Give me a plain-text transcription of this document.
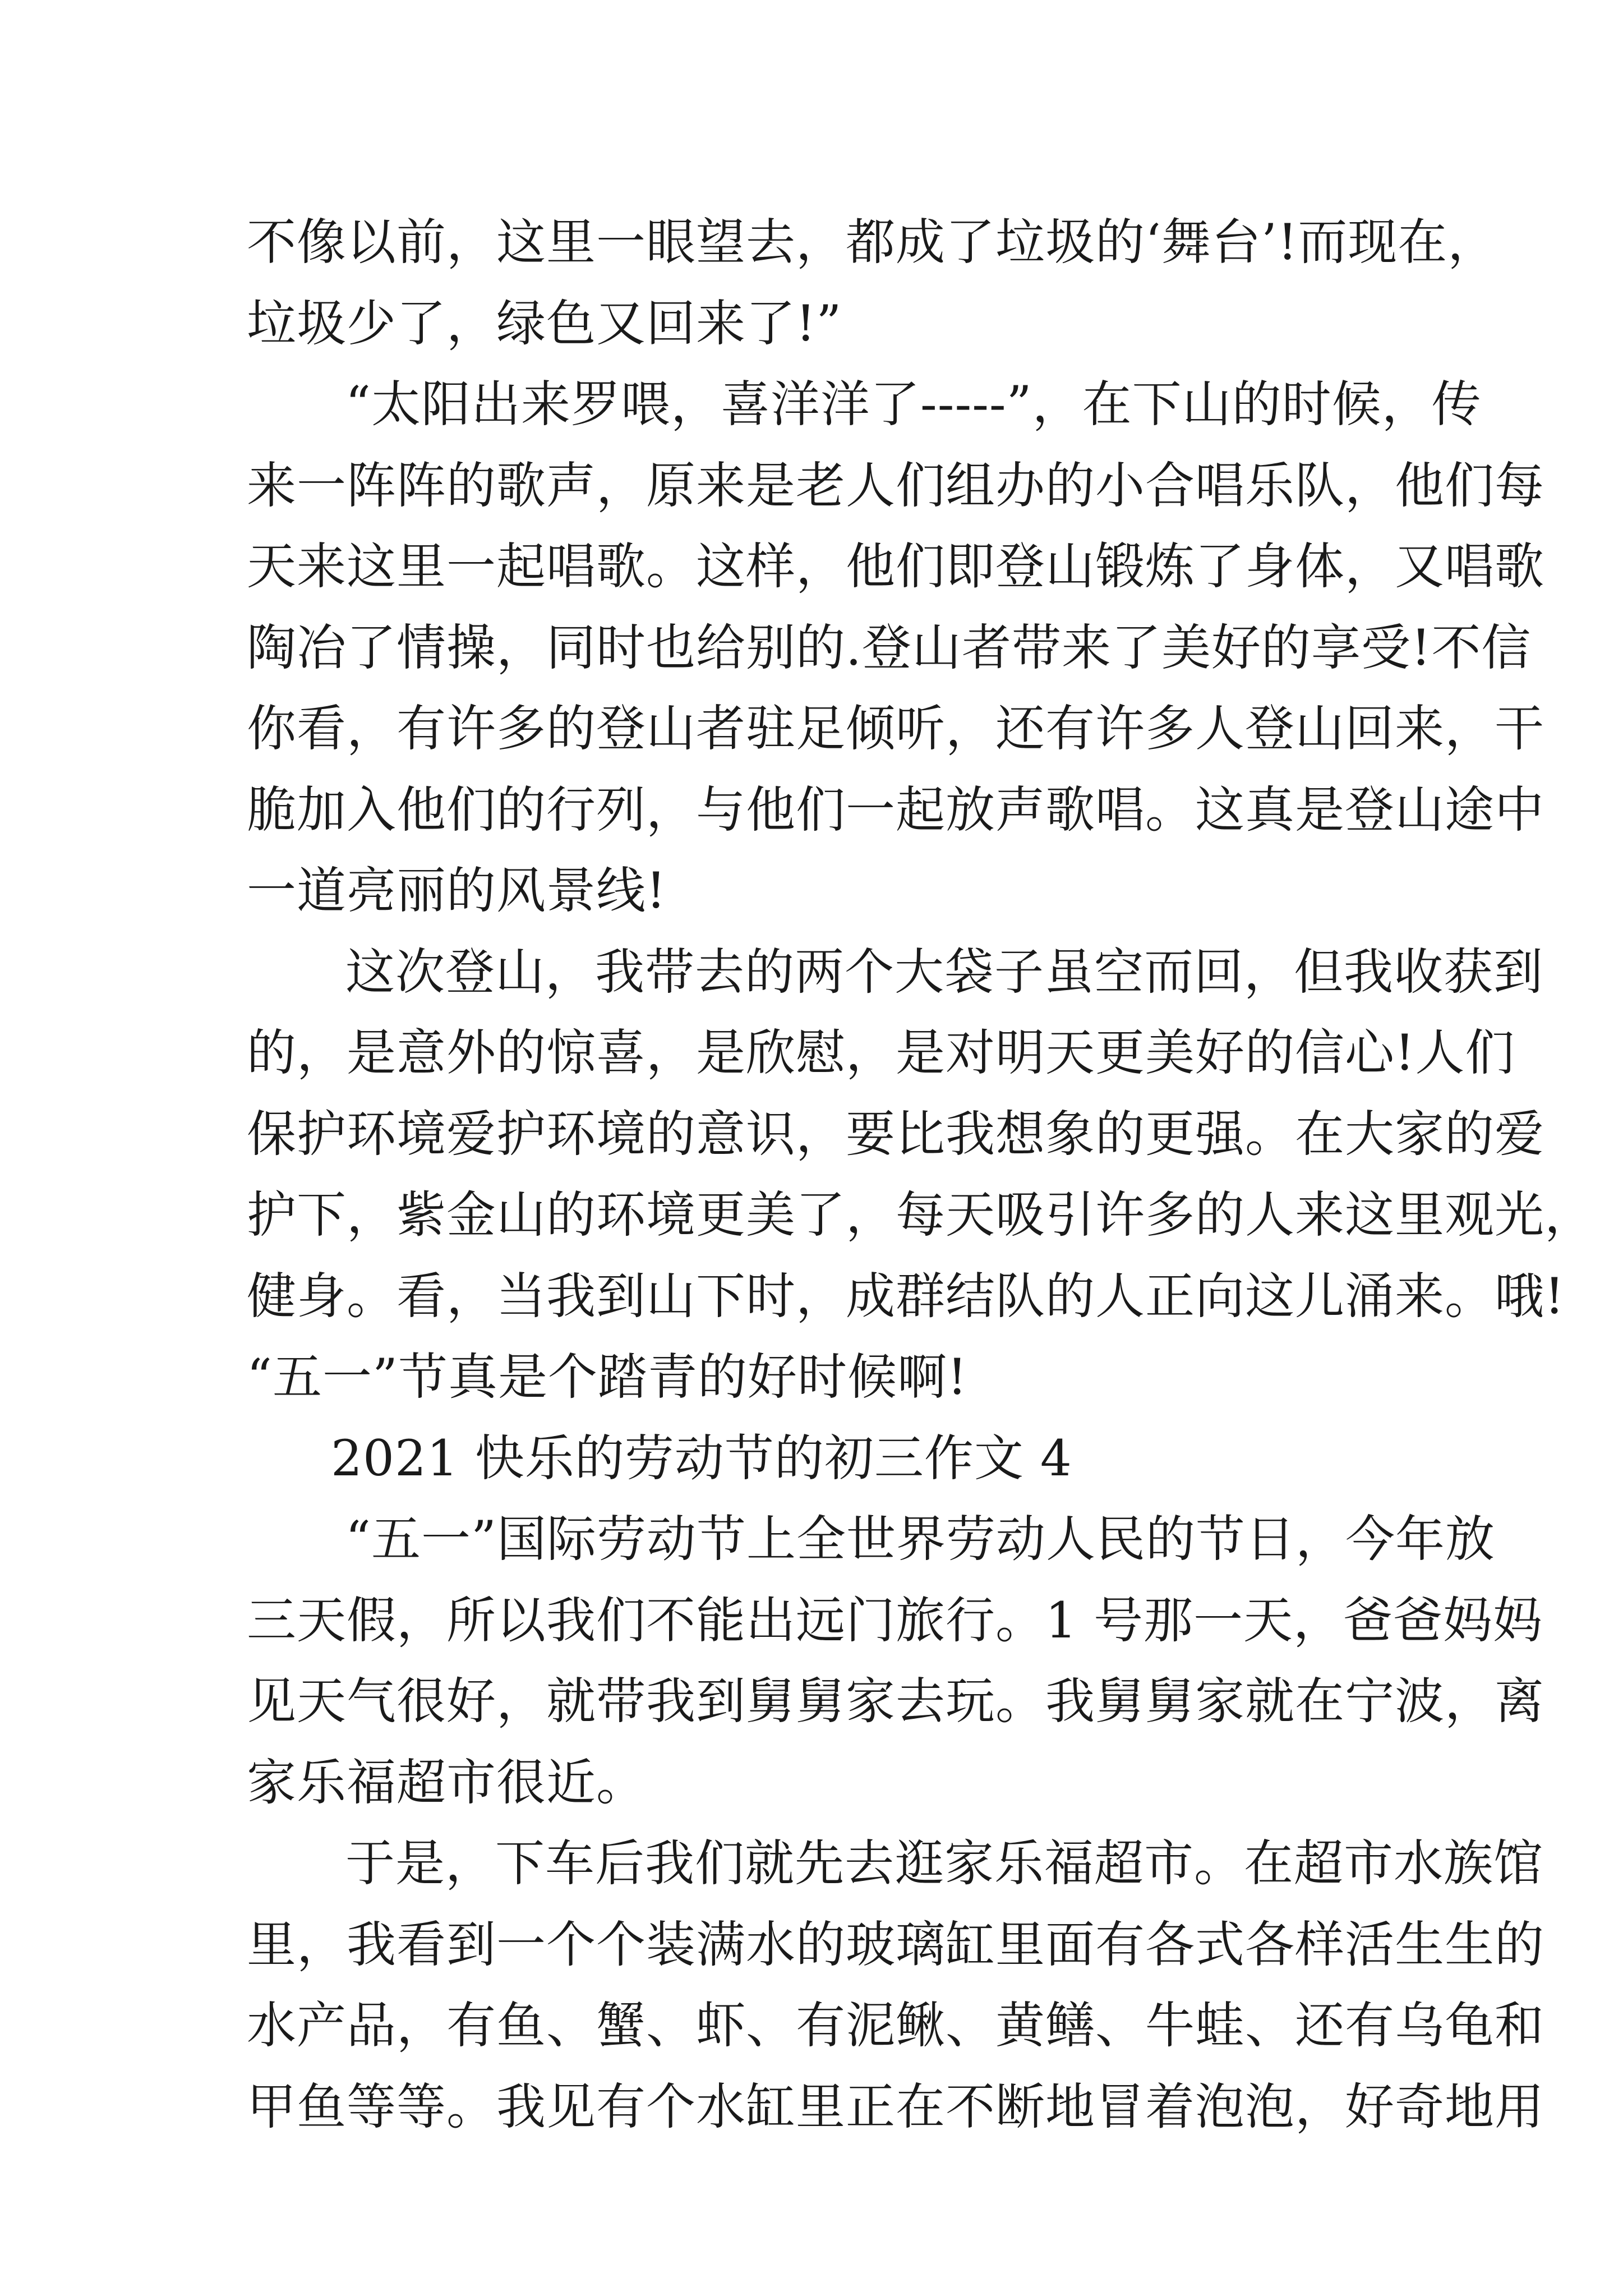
不像以前，这里一眼望去，都成了垃圾的‘舞台’!而现在，
垃圾少了，绿色又回来了!”
“太阳出来罗喂，喜洋洋了-----”，在下山的时候，传
来一阵阵的歌声，原来是老人们组办的小合唱乐队，他们每
天来这里一起唱歌。这样，他们即登山锻炼了身体，又唱歌
陶冶了情操，同时也给别的.登山者带来了美好的享受!不信
你看，有许多的登山者驻足倾听，还有许多人登山回来，干
脆加入他们的行列，与他们一起放声歌唱。这真是登山途中
一道亮丽的风景线!
这次登山，我带去的两个大袋子虽空而回，但我收获到
的，是意外的惊喜，是欣慰，是对明天更美好的信心!人们
保护环境爱护环境的意识，要比我想象的更强。在大家的爱
护下，紫金山的环境更美了，每天吸引许多的人来这里观光，
健身。看，当我到山下时，成群结队的人正向这儿涌来。哦!
“五一”节真是个踏青的好时候啊!
2021 快乐的劳动节的初三作文 4
“五一”国际劳动节上全世界劳动人民的节日，今年放
三天假，所以我们不能出远门旅行。1 号那一天，爸爸妈妈
见天气很好，就带我到舅舅家去玩。我舅舅家就在宁波，离
家乐福超市很近。
于是，下车后我们就先去逛家乐福超市。在超市水族馆
里，我看到一个个装满水的玻璃缸里面有各式各样活生生的
水产品，有鱼、蟹、虾、有泥鳅、黄鳝、牛蛙、还有乌龟和
甲鱼等等。我见有个水缸里正在不断地冒着泡泡，好奇地用
